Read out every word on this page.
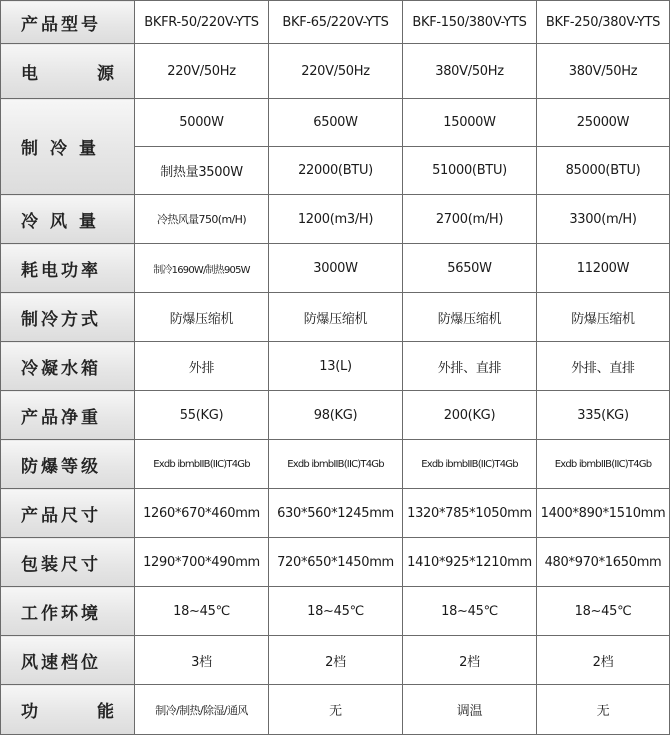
产品型号	BKFR-50/220V-YTS	BKF-65/220V-YTS	BKF-150/380V-YTS	BKF-250/380V-YTS

电 源	220V/50Hz	220V/50Hz	380V/50Hz	380V/50Hz
制冷量	5000W	6500W	15000W	25000W
	制热量3500W	22000(BTU)	51000(BTU)	85000(BTU)
冷风量	冷热风量750(m/H)	1200(m3/H)	2700(m/H)	3300(m/H)
耗电功率	制冷1690W/制热905W	3000W	5650W	11200W
制冷方式	防爆压缩机	防爆压缩机	防爆压缩机	防爆压缩机
冷凝水箱	外排	13(L)	外排、直排	外排、直排
产品净重	55(KG)	98(KG)	200(KG)	335(KG)
防爆等级	Exdb ibmbIIB(IIC)T4Gb	Exdb ibmbIIB(IIC)T4Gb	Exdb ibmbIIB(IIC)T4Gb	Exdb ibmbIIB(IIC)T4Gb
产品尺寸	1260*670*460mm	630*560*1245mm	1320*785*1050mm	1400*890*1510mm
包装尺寸	1290*700*490mm	720*650*1450mm	1410*925*1210mm	480*970*1650mm
工作环境	18~45℃	18~45℃	18~45℃	18~45℃
风速档位	3档	2档	2档	2档

功 能	制冷/制热/除湿/通风	无	调温	无
